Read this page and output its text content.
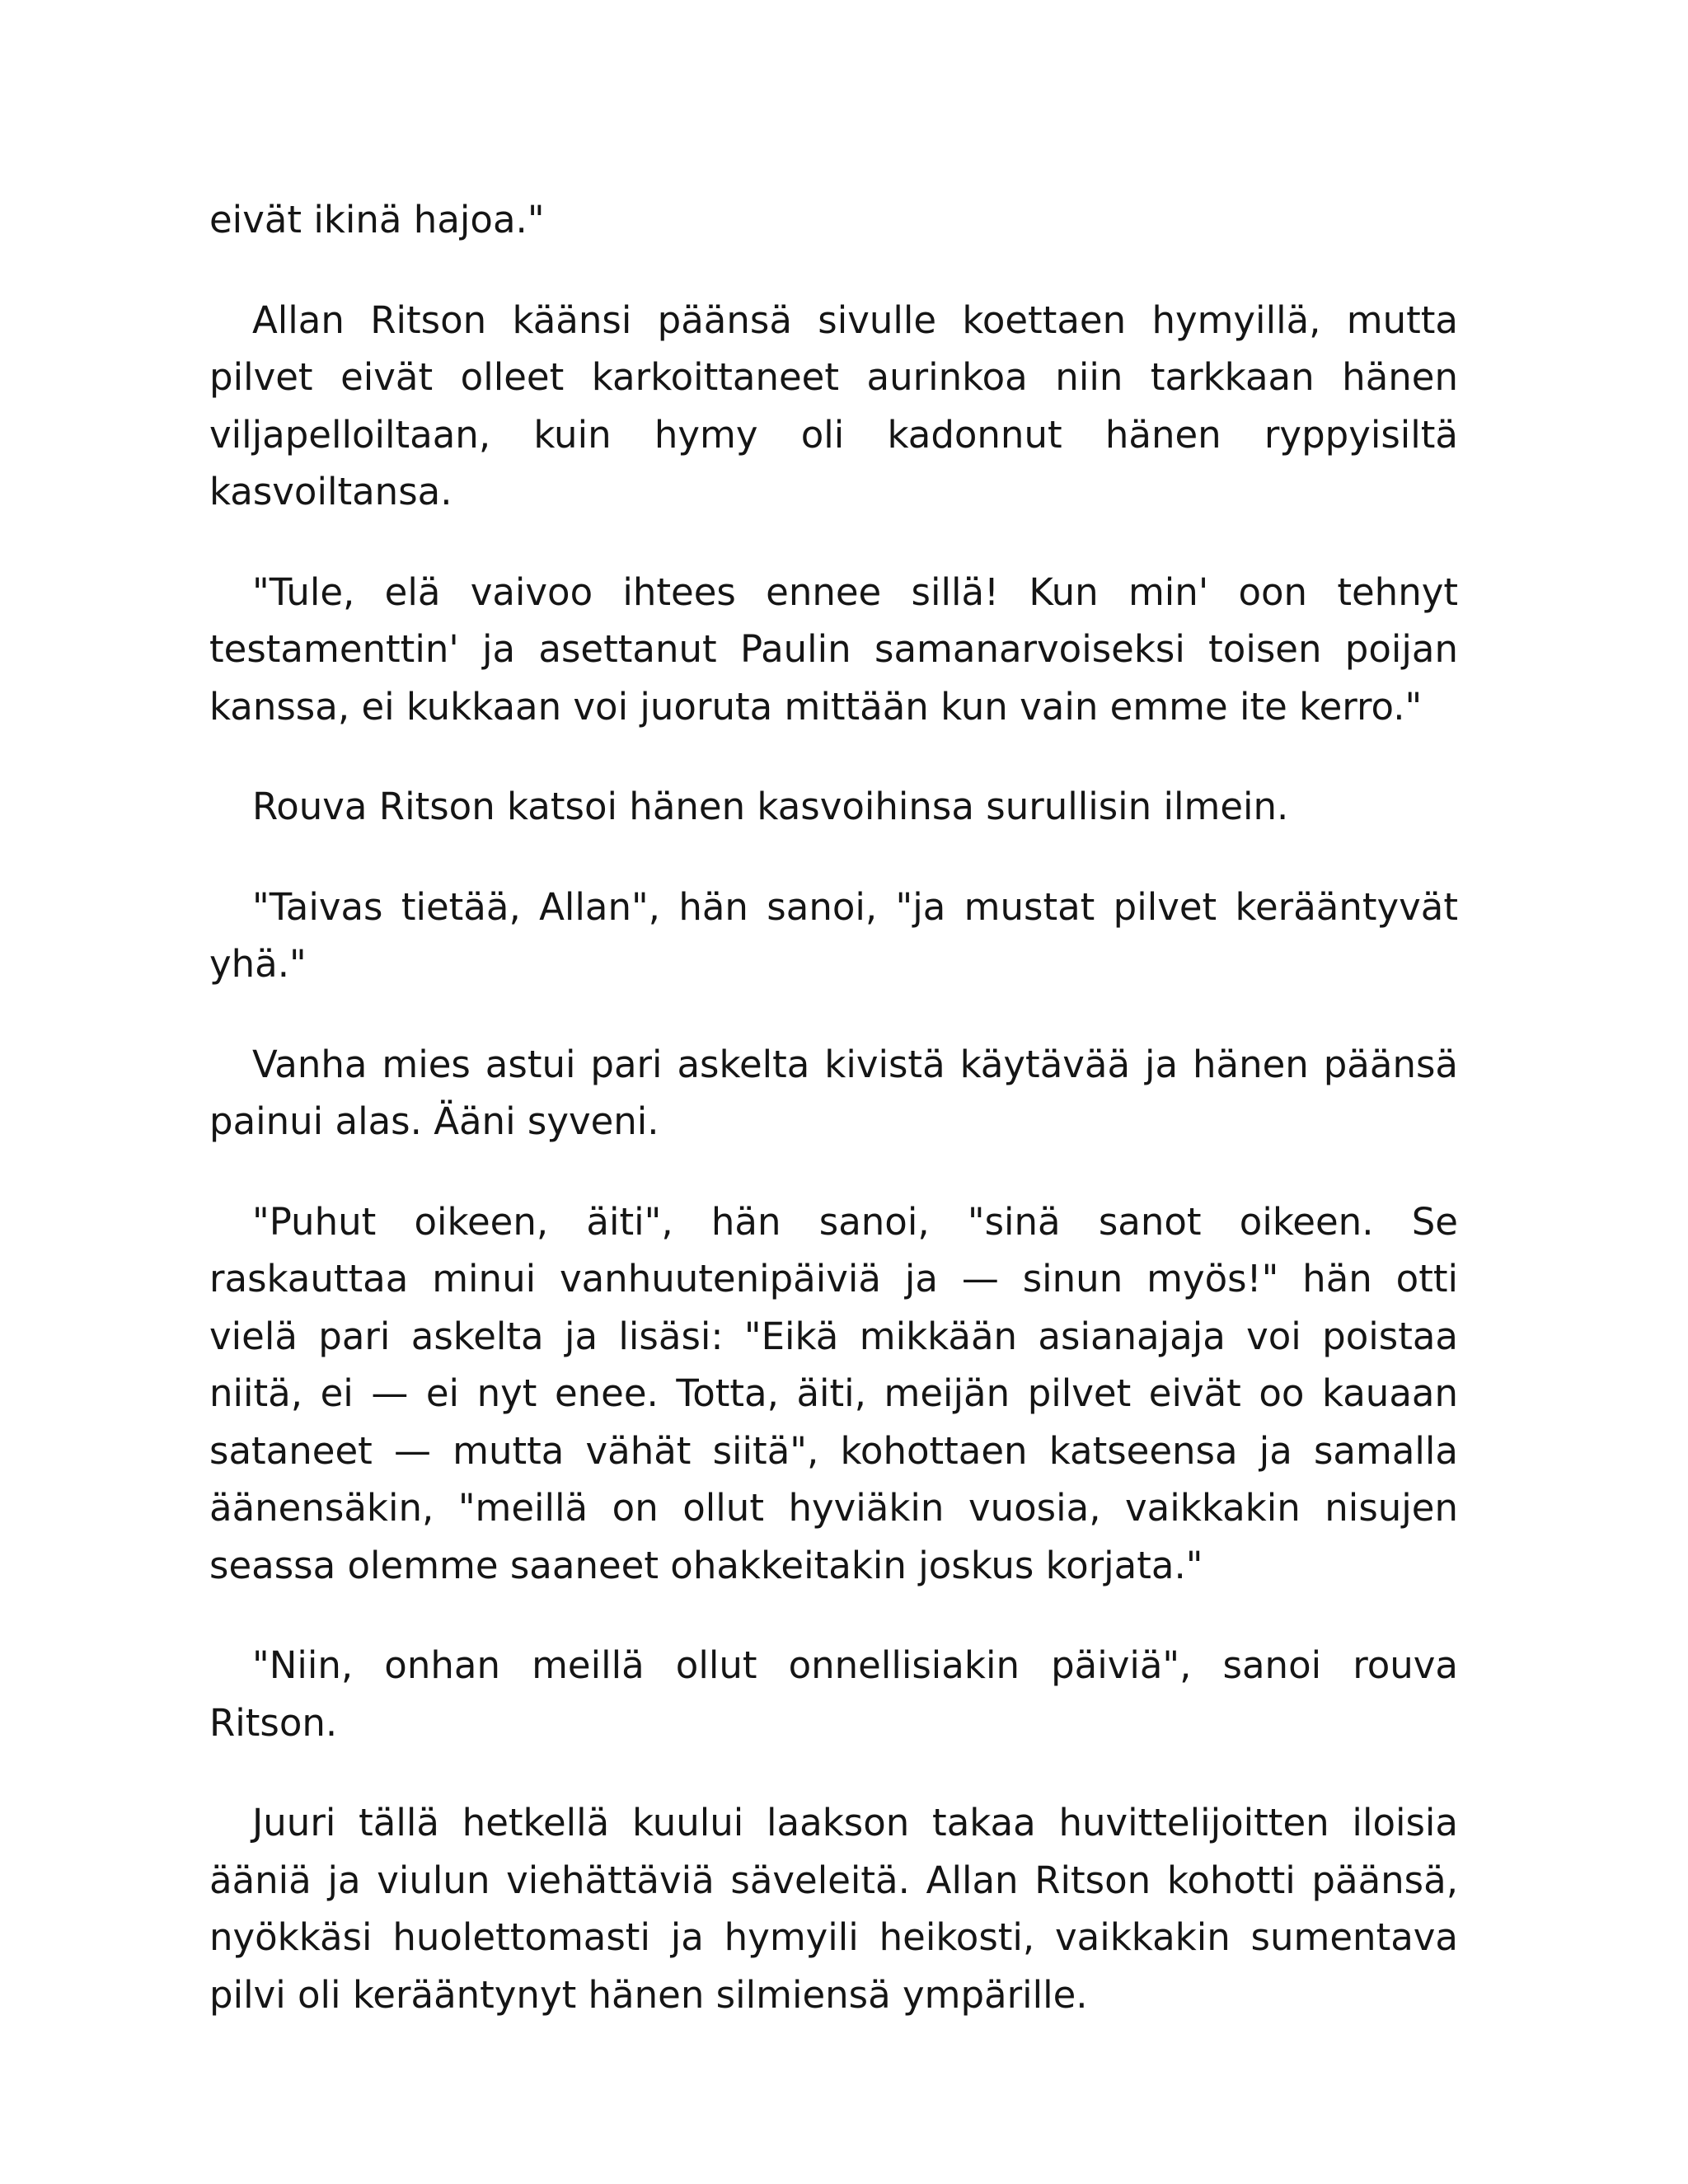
eivät ikinä hajoa."

Allan Ritson käänsi päänsä sivulle koettaen hymyillä, mutta pilvet eivät olleet karkoittaneet aurinkoa niin tarkkaan hänen viljapelloiltaan, kuin hymy oli kadonnut hänen ryppyisiltä kasvoiltansa.

"Tule, elä vaivoo ihtees ennee sillä! Kun min' oon tehnyt testamenttin' ja asettanut Paulin samanarvoiseksi toisen poijan kanssa, ei kukkaan voi juoruta mittään kun vain emme ite kerro."

Rouva Ritson katsoi hänen kasvoihinsa surullisin ilmein.

"Taivas tietää, Allan", hän sanoi, "ja mustat pilvet kerääntyvät yhä."

Vanha mies astui pari askelta kivistä käytävää ja hänen päänsä painui alas. Ääni syveni.

"Puhut oikeen, äiti", hän sanoi, "sinä sanot oikeen. Se raskauttaa minui vanhuutenipäiviä ja — sinun myös!" hän otti vielä pari askelta ja lisäsi: "Eikä mikkään asianajaja voi poistaa niitä, ei — ei nyt enee. Totta, äiti, meijän pilvet eivät oo kauaan sataneet — mutta vähät siitä", kohottaen katseensa ja samalla äänensäkin, "meillä on ollut hyviäkin vuosia, vaikkakin nisujen seassa olemme saaneet ohakkeitakin joskus korjata."

"Niin, onhan meillä ollut onnellisiakin päiviä", sanoi rouva Ritson.

Juuri tällä hetkellä kuului laakson takaa huvittelijoitten iloisia ääniä ja viulun viehättäviä säveleitä. Allan Ritson kohotti päänsä, nyökkäsi huolettomasti ja hymyili heikosti, vaikkakin sumentava pilvi oli kerääntynyt hänen silmiensä ympärille.
